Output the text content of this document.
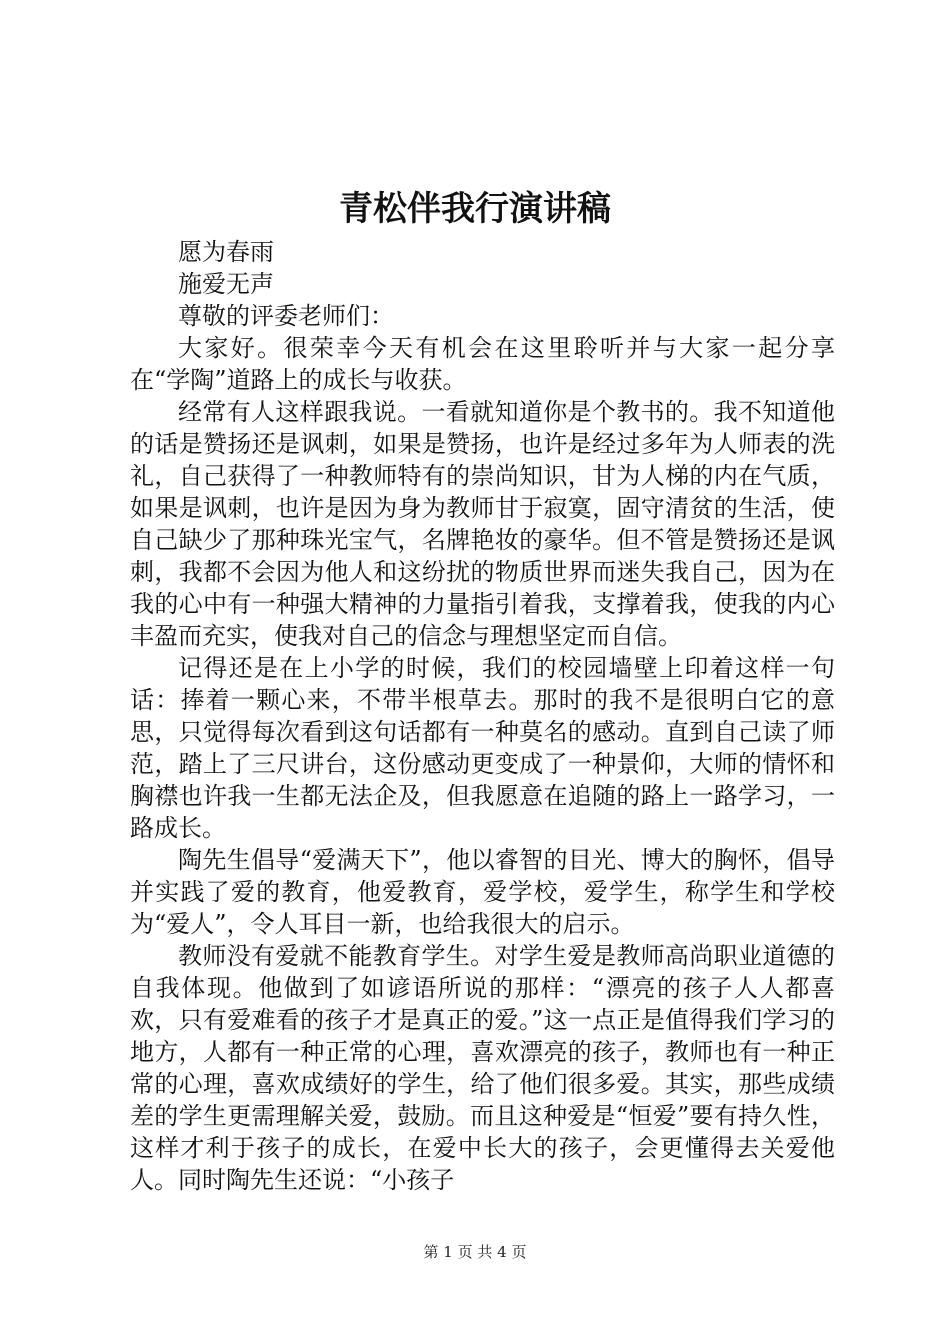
青松伴我行演讲稿

愿为春雨

施爱无声

尊敬的评委老师们：

大家好。很荣幸今天有机会在这里聆听并与大家一起分享在“学陶”道路上的成长与收获。

经常有人这样跟我说。一看就知道你是个教书的。我不知道他的话是赞扬还是讽刺，如果是赞扬，也许是经过多年为人师表的洗礼，自己获得了一种教师特有的崇尚知识，甘为人梯的内在气质，如果是讽刺，也许是因为身为教师甘于寂寞，固守清贫的生活，使自己缺少了那种珠光宝气，名牌艳妆的豪华。但不管是赞扬还是讽刺，我都不会因为他人和这纷扰的物质世界而迷失我自己，因为在我的心中有一种强大精神的力量指引着我，支撑着我，使我的内心丰盈而充实，使我对自己的信念与理想坚定而自信。

记得还是在上小学的时候，我们的校园墙壁上印着这样一句话：捧着一颗心来，不带半根草去。那时的我不是很明白它的意思，只觉得每次看到这句话都有一种莫名的感动。直到自己读了师范，踏上了三尺讲台，这份感动更变成了一种景仰，大师的情怀和胸襟也许我一生都无法企及，但我愿意在追随的路上一路学习，一路成长。

陶先生倡导“爱满天下”，他以睿智的目光、博大的胸怀，倡导并实践了爱的教育，他爱教育，爱学校，爱学生，称学生和学校为“爱人”，令人耳目一新，也给我很大的启示。

教师没有爱就不能教育学生。对学生爱是教师高尚职业道德的自我体现。他做到了如谚语所说的那样：“漂亮的孩子人人都喜欢，只有爱难看的孩子才是真正的爱。”这一点正是值得我们学习的地方，人都有一种正常的心理，喜欢漂亮的孩子，教师也有一种正常的心理，喜欢成绩好的学生，给了他们很多爱。其实，那些成绩差的学生更需理解关爱，鼓励。而且这种爱是“恒爱”要有持久性，这样才利于孩子的成长，在爱中长大的孩子，会更懂得去关爱他人。同时陶先生还说：“小孩子

第 1 页 共 4 页
